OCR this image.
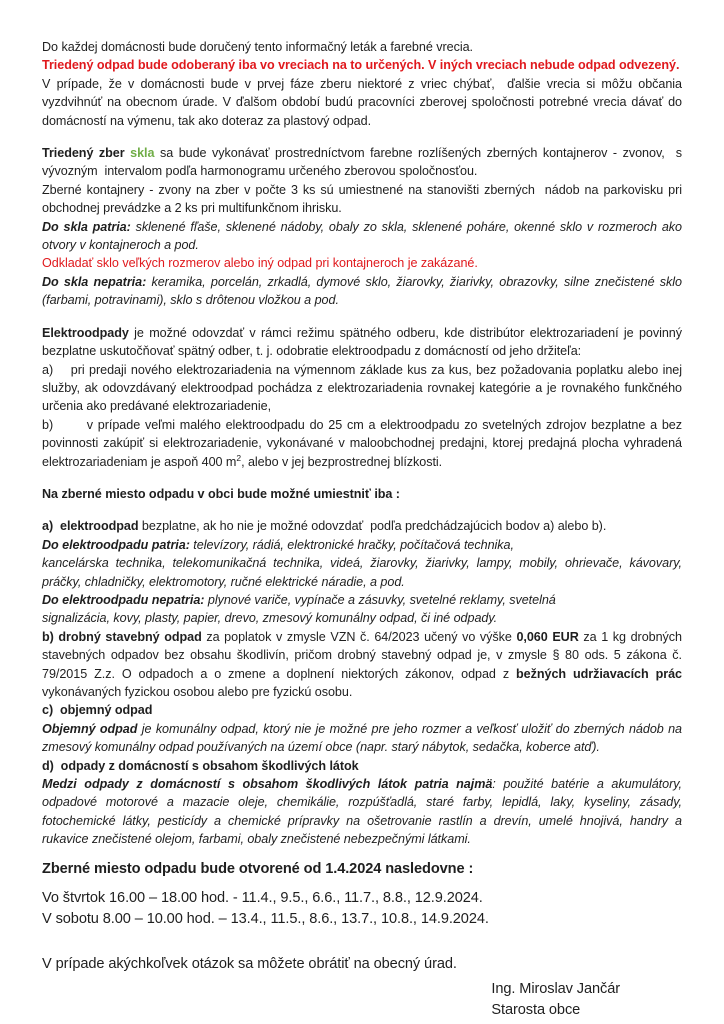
Do každej domácnosti bude doručený tento informačný leták a farebné vrecia.

Triedený odpad bude odoberaný iba vo vreciach na to určených. V iných vreciach nebude odpad odvezený.

V prípade, že v domácnosti bude v prvej fáze zberu niektoré z vriec chýbať,  ďalšie vrecia si môžu občania vyzdvihnúť na obecnom úrade. V ďalšom období budú pracovníci zberovej spoločnosti potrebné vrecia dávať do domácností na výmenu, tak ako doteraz za plastový odpad.

Triedený zber skla sa bude vykonávať prostredníctvom farebne rozlíšených zberných kontajnerov - zvonov,  s vývozným  intervalom podľa harmonogramu určeného zberovou spoločnosťou.

Zberné kontajnery - zvony na zber v počte 3 ks sú umiestnené na stanovišti zberných  nádob na parkovisku pri obchodnej prevádzke a 2 ks pri multifunkčnom ihrisku.

Do skla patria: sklenené fľaše, sklenené nádoby, obaly zo skla, sklenené poháre, okenné sklo v rozmeroch ako otvory v kontajneroch a pod.

Odkladať sklo veľkých rozmerov alebo iný odpad pri kontajneroch je zakázané.

Do skla nepatria: keramika, porcelán, zrkadlá, dymové sklo, žiarovky, žiarivky, obrazovky, silne znečistené sklo (farbami, potravinami), sklo s drôtenou vložkou a pod.

Elektroodpady je možné odovzdať v rámci režimu spätného odberu, kde distribútor elektrozariadení je povinný bezplatne uskutočňovať spätný odber, t. j. odobratie elektroodpadu z domácností od jeho držiteľa:

a)    pri predaji nového elektrozariadenia na výmennom základe kus za kus, bez požadovania poplatku alebo inej služby, ak odovzdávaný elektroodpad pochádza z elektrozariadenia rovnakej kategórie a je rovnakého funkčného určenia ako predávané elektrozariadenie,

b)       v prípade veľmi malého elektroodpadu do 25 cm a elektroodpadu zo svetelných zdrojov bezplatne a bez povinnosti zakúpiť si elektrozariadenie, vykonávané v maloobchodnej predajni, ktorej predajná plocha vyhradená elektrozariadeniam je aspoň 400 $m^2$, alebo v jej bezprostrednej blízkosti.

Na zberné miesto odpadu v obci bude možné umiestniť iba :

a)  elektroodpad bezplatne, ak ho nie je možné odovzdať  podľa predchádzajúcich bodov a) alebo b).

Do elektroodpadu patria: televízory, rádiá, elektronické hračky, počítačová technika,

kancelárska technika, telekomunikačná technika, videá, žiarovky, žiarivky, lampy, mobily, ohrievače, kávovary, práčky, chladničky, elektromotory, ručné elektrické náradie, a pod.

Do elektroodpadu nepatria: plynové variče, vypínače a zásuvky, svetelné reklamy, svetelná

signalizácia, kovy, plasty, papier, drevo, zmesový komunálny odpad, či iné odpady.

b) drobný stavebný odpad za poplatok v zmysle VZN č. 64/2023 učený vo výške 0,060 EUR za 1 kg drobných stavebných odpadov bez obsahu škodlivín, pričom drobný stavebný odpad je, v zmysle § 80 ods. 5 zákona č. 79/2015 Z.z. O odpadoch a o zmene a doplnení niektorých zákonov, odpad z bežných udržiavacích prác vykonávaných fyzickou osobou alebo pre fyzickú osobu.

c)  objemný odpad

Objemný odpad je komunálny odpad, ktorý nie je možné pre jeho rozmer a veľkosť uložiť do zberných nádob na zmesový komunálny odpad používaných na území obce (napr. starý nábytok, sedačka, koberce atď).

d)  odpady z domácností s obsahom škodlivých látok

Medzi odpady z domácností s obsahom škodlivých látok patria najmä: použité batérie a akumulátory, odpadové motorové a mazacie oleje, chemikálie, rozpúšťadlá, staré farby, lepidlá, laky, kyseliny, zásady, fotochemické látky, pesticídy a chemické prípravky na ošetrovanie rastlín a drevín, umelé hnojivá, handry a rukavice znečistené olejom, farbami, obaly znečistené nebezpečnými látkami.

Zberné miesto odpadu bude otvorené od 1.4.2024 nasledovne :

Vo štvrtok 16.00 – 18.00 hod. - 11.4., 9.5., 6.6., 11.7., 8.8., 12.9.2024.

V sobotu 8.00 – 10.00 hod. – 13.4., 11.5., 8.6., 13.7., 10.8., 14.9.2024.

V prípade akýchkoľvek otázok sa môžete obrátiť na obecný úrad.

Ing. Miroslav Jančár

Starosta obce
